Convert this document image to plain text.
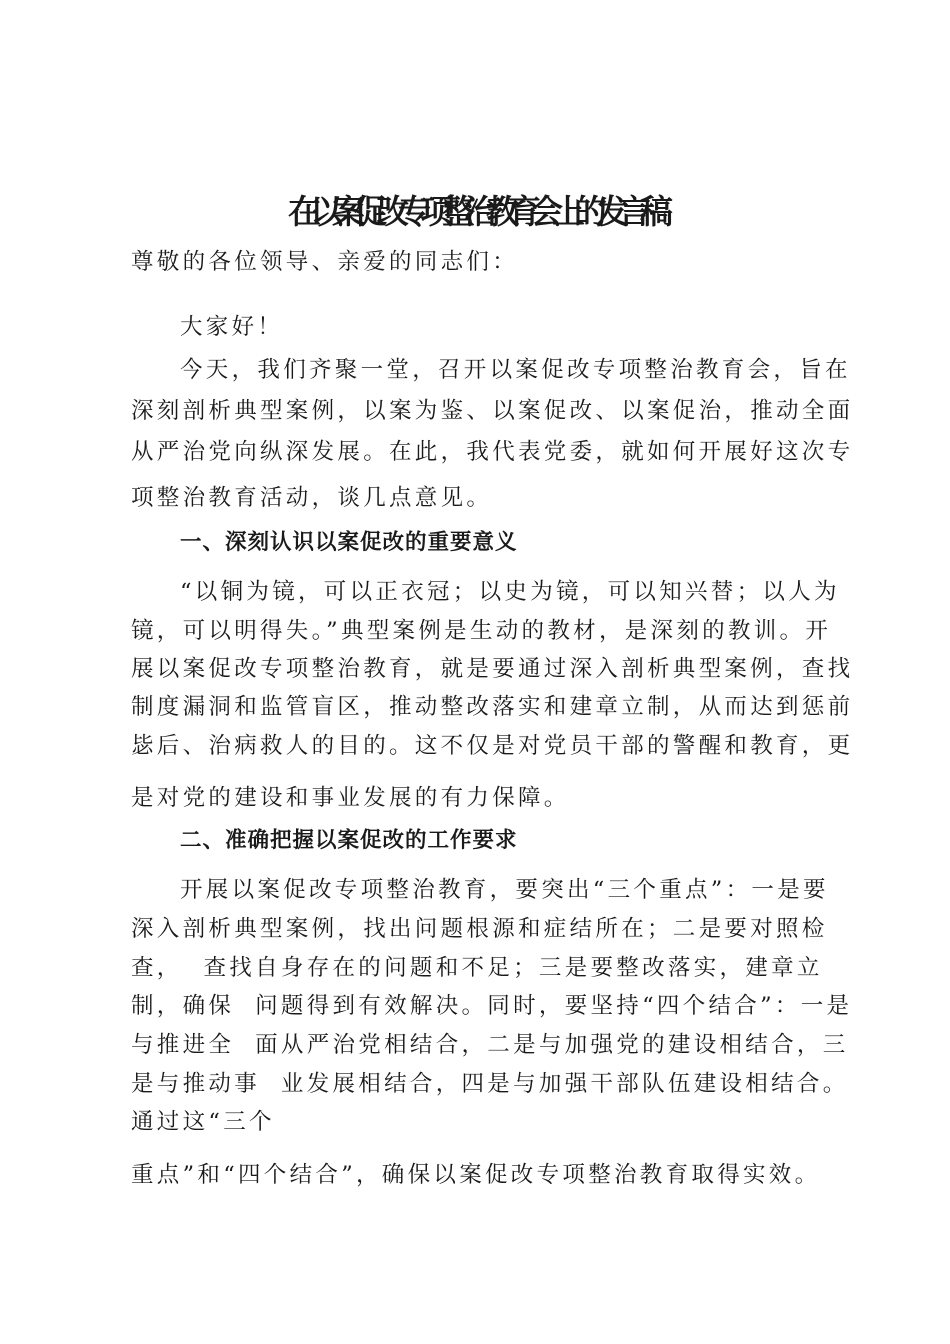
在以案促改专项整治教育会上的发言稿
尊敬的各位领导、亲爱的同志们：
大家好！
今天，我们齐聚一堂，召开以案促改专项整治教育会，旨在
深刻剖析典型案例，以案为鉴、以案促改、以案促治，推动全面
从严治党向纵深发展。在此，我代表党委，就如何开展好这次专
项整治教育活动，谈几点意见。
一、深刻认识以案促改的重要意义
“以铜为镜，可以正衣冠；以史为镜，可以知兴替；以人为
镜，可以明得失。”典型案例是生动的教材，是深刻的教训。开
展以案促改专项整治教育，就是要通过深入剖析典型案例，查找
制度漏洞和监管盲区，推动整改落实和建章立制，从而达到惩前
毖后、治病救人的目的。这不仅是对党员干部的警醒和教育，更
是对党的建设和事业发展的有力保障。
二、准确把握以案促改的工作要求
开展以案促改专项整治教育，要突出“三个重点”：一是要
深入剖析典型案例，找出问题根源和症结所在；二是要对照检
查，  查找自身存在的问题和不足；三是要整改落实，建章立
制，确保  问题得到有效解决。同时，要坚持“四个结合”：一是
与推进全  面从严治党相结合，二是与加强党的建设相结合，三
是与推动事  业发展相结合，四是与加强干部队伍建设相结合。
通过这“三个
重点”和“四个结合”，确保以案促改专项整治教育取得实效。
